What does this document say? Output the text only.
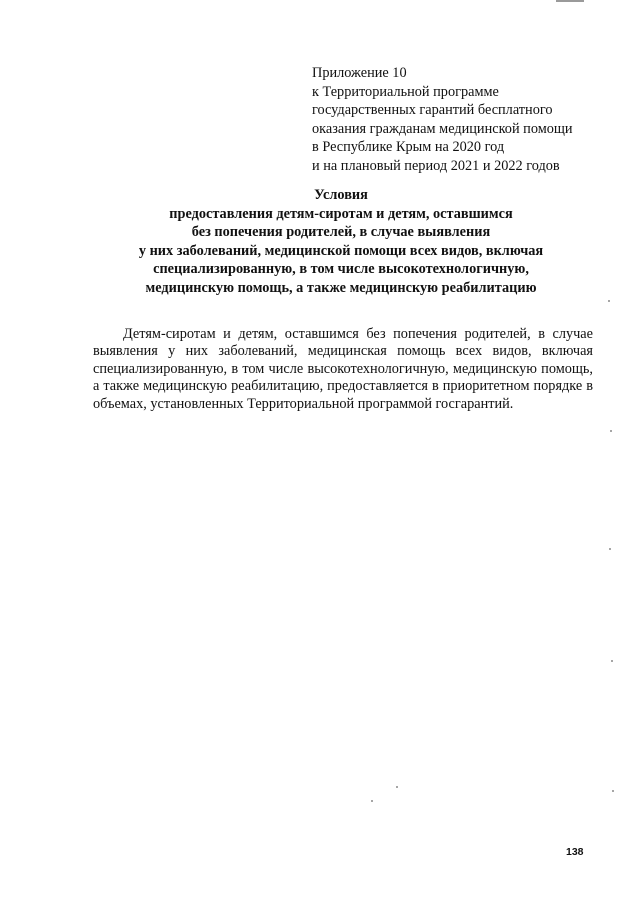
Приложение 10
к Территориальной программе
государственных гарантий бесплатного
оказания гражданам медицинской помощи
в Республике Крым на 2020 год
и на плановый период 2021 и 2022 годов
Условия
предоставления детям-сиротам и детям, оставшимся
без попечения родителей, в случае выявления
у них заболеваний, медицинской помощи всех видов, включая
специализированную, в том числе высокотехнологичную,
медицинскую помощь, а также медицинскую реабилитацию

Детям-сиротам и детям, оставшимся без попечения родителей, в случае выявления у них заболеваний, медицинская помощь всех видов, включая специализированную, в том числе высокотехнологичную, медицинскую помощь, а также медицинскую реабилитацию, предоставляется в приоритетном порядке в объемах, установленных Территориальной программой госгарантий.

138
